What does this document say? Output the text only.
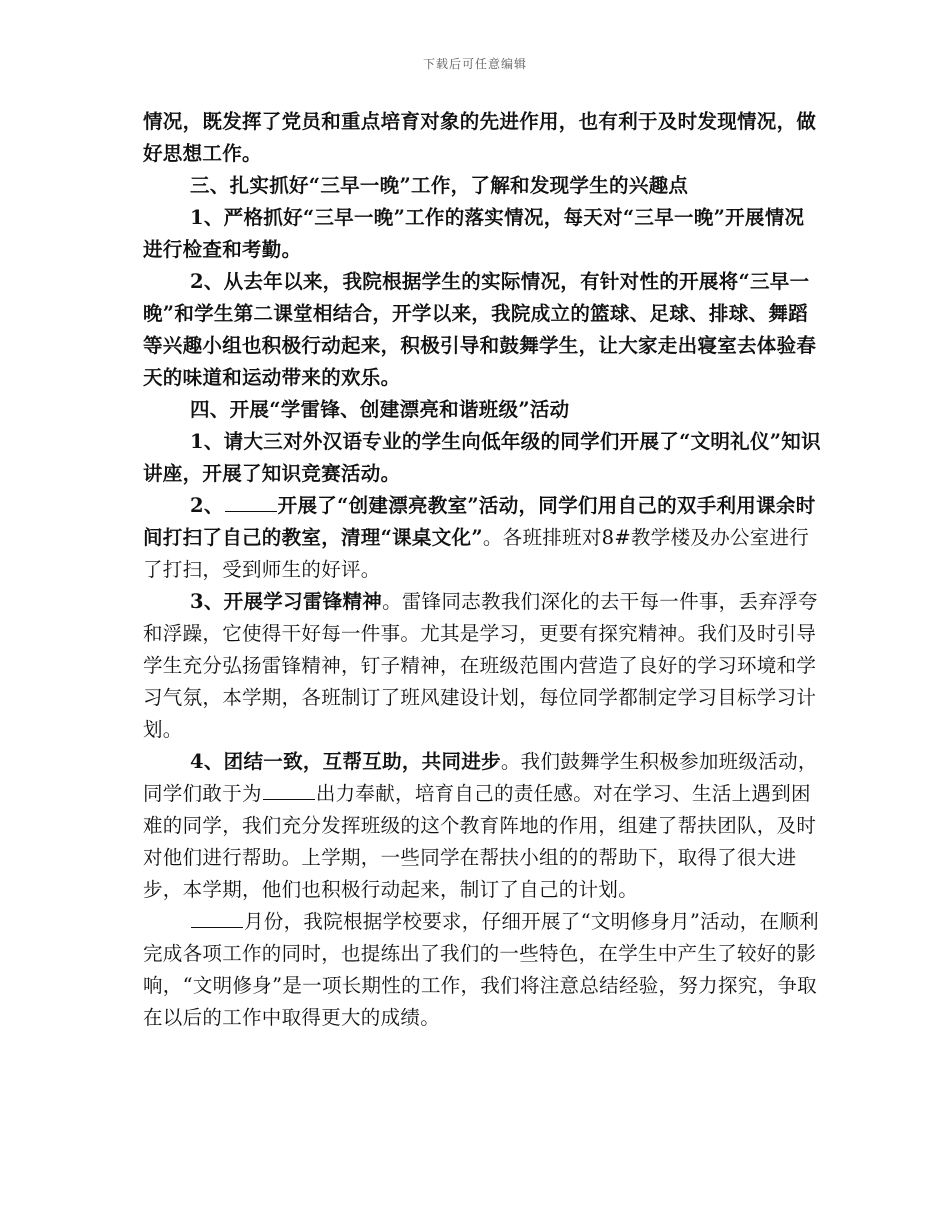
下载后可任意编辑

情况，既发挥了党员和重点培育对象的先进作用，也有利于及时发现情况，做好思想工作。

三、扎实抓好“三早一晚”工作，了解和发现学生的兴趣点

1、严格抓好“三早一晚”工作的落实情况，每天对“三早一晚”开展情况进行检查和考勤。

2、从去年以来，我院根据学生的实际情况，有针对性的开展将“三早一晚”和学生第二课堂相结合，开学以来，我院成立的篮球、足球、排球、舞蹈等兴趣小组也积极行动起来，积极引导和鼓舞学生，让大家走出寝室去体验春天的味道和运动带来的欢乐。

四、开展“学雷锋、创建漂亮和谐班级”活动

1、请大三对外汉语专业的学生向低年级的同学们开展了“文明礼仪”知识讲座，开展了知识竞赛活动。

2、	开展了“创建漂亮教室”活动，同学们用自己的双手利用课余时间打扫了自己的教室，清理“课桌文化”。各班排班对8#教学楼及办公室进行了打扫，受到师生的好评。

3、开展学习雷锋精神。雷锋同志教我们深化的去干每一件事，丢弃浮夸和浮躁，它使得干好每一件事。尤其是学习，更要有探究精神。我们及时引导学生充分弘扬雷锋精神，钉子精神，在班级范围内营造了良好的学习环境和学习气氛，本学期，各班制订了班风建设计划，每位同学都制定学习目标学习计划。

4、团结一致，互帮互助，共同进步。我们鼓舞学生积极参加班级活动，同学们敢于为	出力奉献，培育自己的责任感。对在学习、生活上遇到困难的同学，我们充分发挥班级的这个教育阵地的作用，组建了帮扶团队，及时对他们进行帮助。上学期，一些同学在帮扶小组的的帮助下，取得了很大进步，本学期，他们也积极行动起来，制订了自己的计划。

月份，我院根据学校要求，仔细开展了“文明修身月”活动，在顺利完成各项工作的同时，也提练出了我们的一些特色，在学生中产生了较好的影响，“文明修身”是一项长期性的工作，我们将注意总结经验，努力探究，争取在以后的工作中取得更大的成绩。
